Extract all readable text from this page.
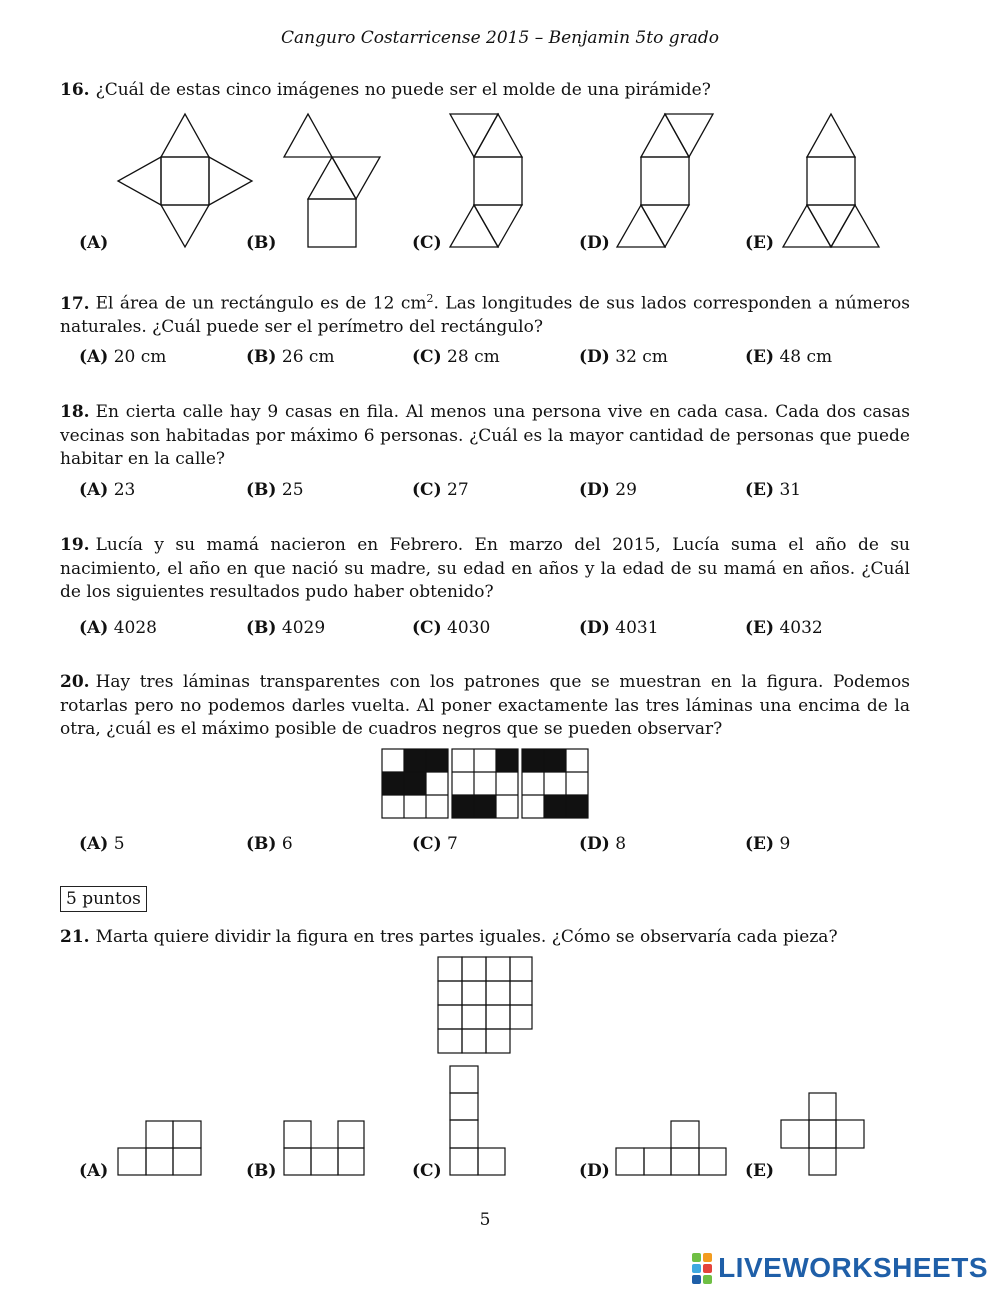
Canguro Costarricense 2015 – Benjamin 5to grado
16. ¿Cuál de estas cinco imágenes no puede ser el molde de una pirámide?
(A)	(B)	(C)	(D)	(E)
17. El área de un rectángulo es de 12 $cm^2$. Las longitudes de sus lados corresponden a números naturales. ¿Cuál puede ser el perímetro del rectángulo?
(A) 20 cm	(B) 26 cm	(C) 28 cm	(D) 32 cm	(E) 48 cm
18. En cierta calle hay 9 casas en fila. Al menos una persona vive en cada casa. Cada dos casas vecinas son habitadas por máximo 6 personas. ¿Cuál es la mayor cantidad de personas que puede habitar en la calle?
(A) 23	(B) 25	(C) 27	(D) 29	(E) 31
19. Lucía y su mamá nacieron en Febrero. En marzo del 2015, Lucía suma el año de su nacimiento, el año en que nació su madre, su edad en años y la edad de su mamá en años. ¿Cuál de los siguientes resultados pudo haber obtenido?
(A) 4028	(B) 4029	(C) 4030	(D) 4031	(E) 4032
20. Hay tres láminas transparentes con los patrones que se muestran en la figura. Podemos rotarlas pero no podemos darles vuelta. Al poner exactamente las tres láminas una encima de la otra, ¿cuál es el máximo posible de cuadros negros que se pueden observar?
(A) 5	(B) 6	(C) 7	(D) 8	(E) 9
5 puntos
21. Marta quiere dividir la figura en tres partes iguales. ¿Cómo se observaría cada pieza?
(A)	(B)	(C)	(D)	(E)
5
LIVEWORKSHEETS
